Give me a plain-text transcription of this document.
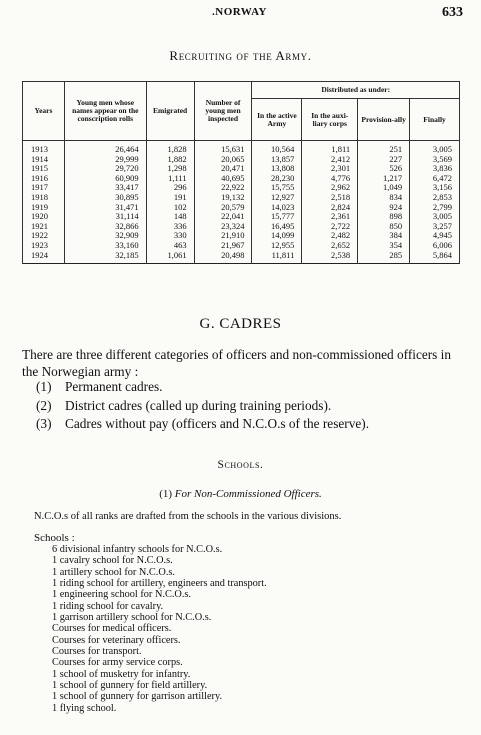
.NORWAY	633
Recruiting of the Army.
Years	Young men whose names appear on the conscription rolls	Emigrated	Number of young men inspected	Distributed as under:			
				In the active Army	In the auxi-liary corps	Provision-ally	Finally
1913	26,464	1,828	15,631	10,564	1,811	251	3,005
1914	29,999	1,882	20,065	13,857	2,412	227	3,569
1915	29,720	1,298	20,471	13,808	2,301	526	3,836
1916	60,909	1,111	40,695	28,230	4,776	1,217	6,472
1917	33,417	296	22,922	15,755	2,962	1,049	3,156
1918	30,895	191	19,132	12,927	2,518	834	2,853
1919	31,471	102	20,579	14,023	2,824	924	2,799
1920	31,114	148	22,041	15,777	2,361	898	3,005
1921	32,866	336	23,324	16,495	2,722	850	3,257
1922	32,909	330	21,910	14,099	2,482	384	4,945
1923	33,160	463	21,967	12,955	2,652	354	6,006
1924	32,185	1,061	20,498	11,811	2,538	285	5,864
G. CADRES

There are three different categories of officers and non-commissioned officers in the Norwegian army :

(1)	Permanent cadres.
(2)	District cadres (called up during training periods).
(3)	Cadres without pay (officers and N.C.O.s of the reserve).
Schools.
(1) For Non-Commissioned Officers.

N.C.O.s of all ranks are drafted from the schools in the various divisions.

Schools :
6 divisional infantry schools for N.C.O.s.
1 cavalry school for N.C.O.s.
1 artillery school for N.C.O.s.
1 riding school for artillery, engineers and transport.
1 engineering school for N.C.O.s.
1 riding school for cavalry.
1 garrison artillery school for N.C.O.s.
Courses for medical officers.
Courses for veterinary officers.
Courses for transport.
Courses for army service corps.
1 school of musketry for infantry.
1 school of gunnery for field artillery.
1 school of gunnery for garrison artillery.
1 flying school.
